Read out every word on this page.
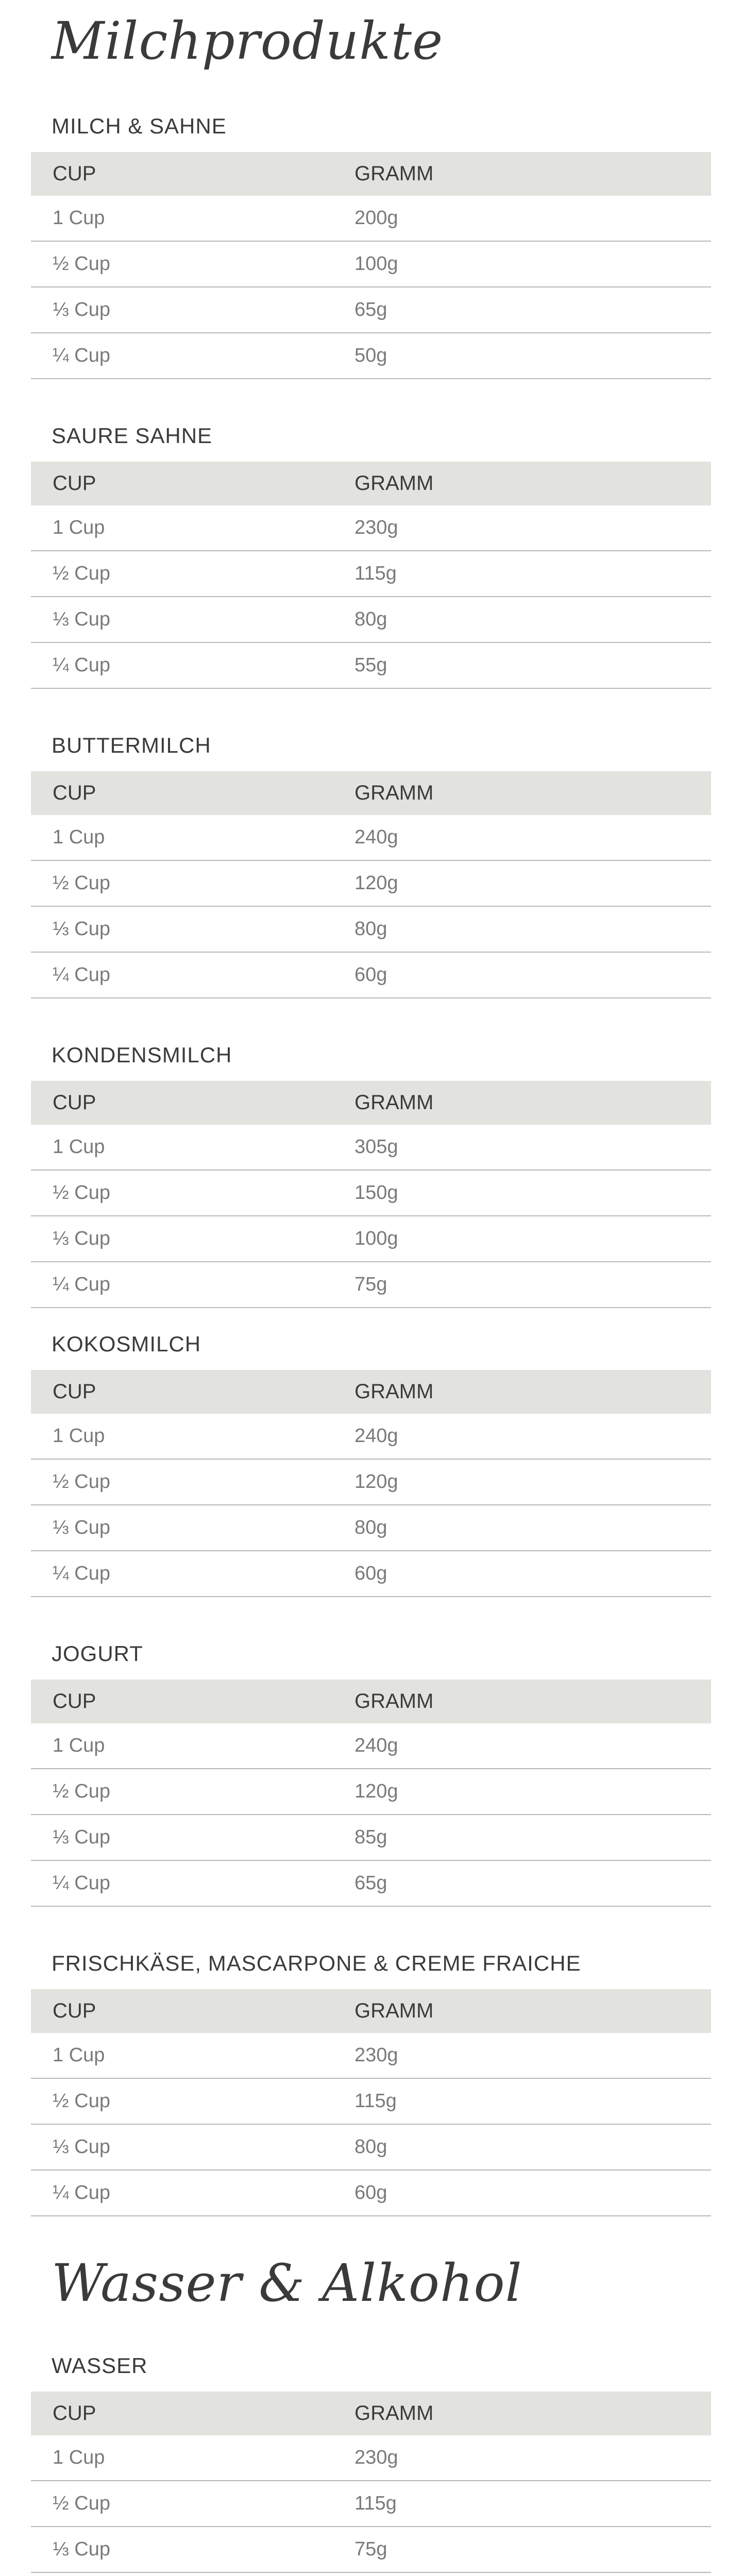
Milchprodukte
MILCH & SAHNE
CUP	GRAMM
1 Cup	200g
½ Cup	100g
⅓ Cup	65g
¼ Cup	50g
SAURE SAHNE
CUP	GRAMM
1 Cup	230g
½ Cup	115g
⅓ Cup	80g
¼ Cup	55g
BUTTERMILCH
CUP	GRAMM
1 Cup	240g
½ Cup	120g
⅓ Cup	80g
¼ Cup	60g
KONDENSMILCH
CUP	GRAMM
1 Cup	305g
½ Cup	150g
⅓ Cup	100g
¼ Cup	75g
KOKOSMILCH
CUP	GRAMM
1 Cup	240g
½ Cup	120g
⅓ Cup	80g
¼ Cup	60g
JOGURT
CUP	GRAMM
1 Cup	240g
½ Cup	120g
⅓ Cup	85g
¼ Cup	65g
FRISCHKÄSE, MASCARPONE & CREME FRAICHE
CUP	GRAMM
1 Cup	230g
½ Cup	115g
⅓ Cup	80g
¼ Cup	60g
Wasser & Alkohol
WASSER
CUP	GRAMM
1 Cup	230g
½ Cup	115g
⅓ Cup	75g
